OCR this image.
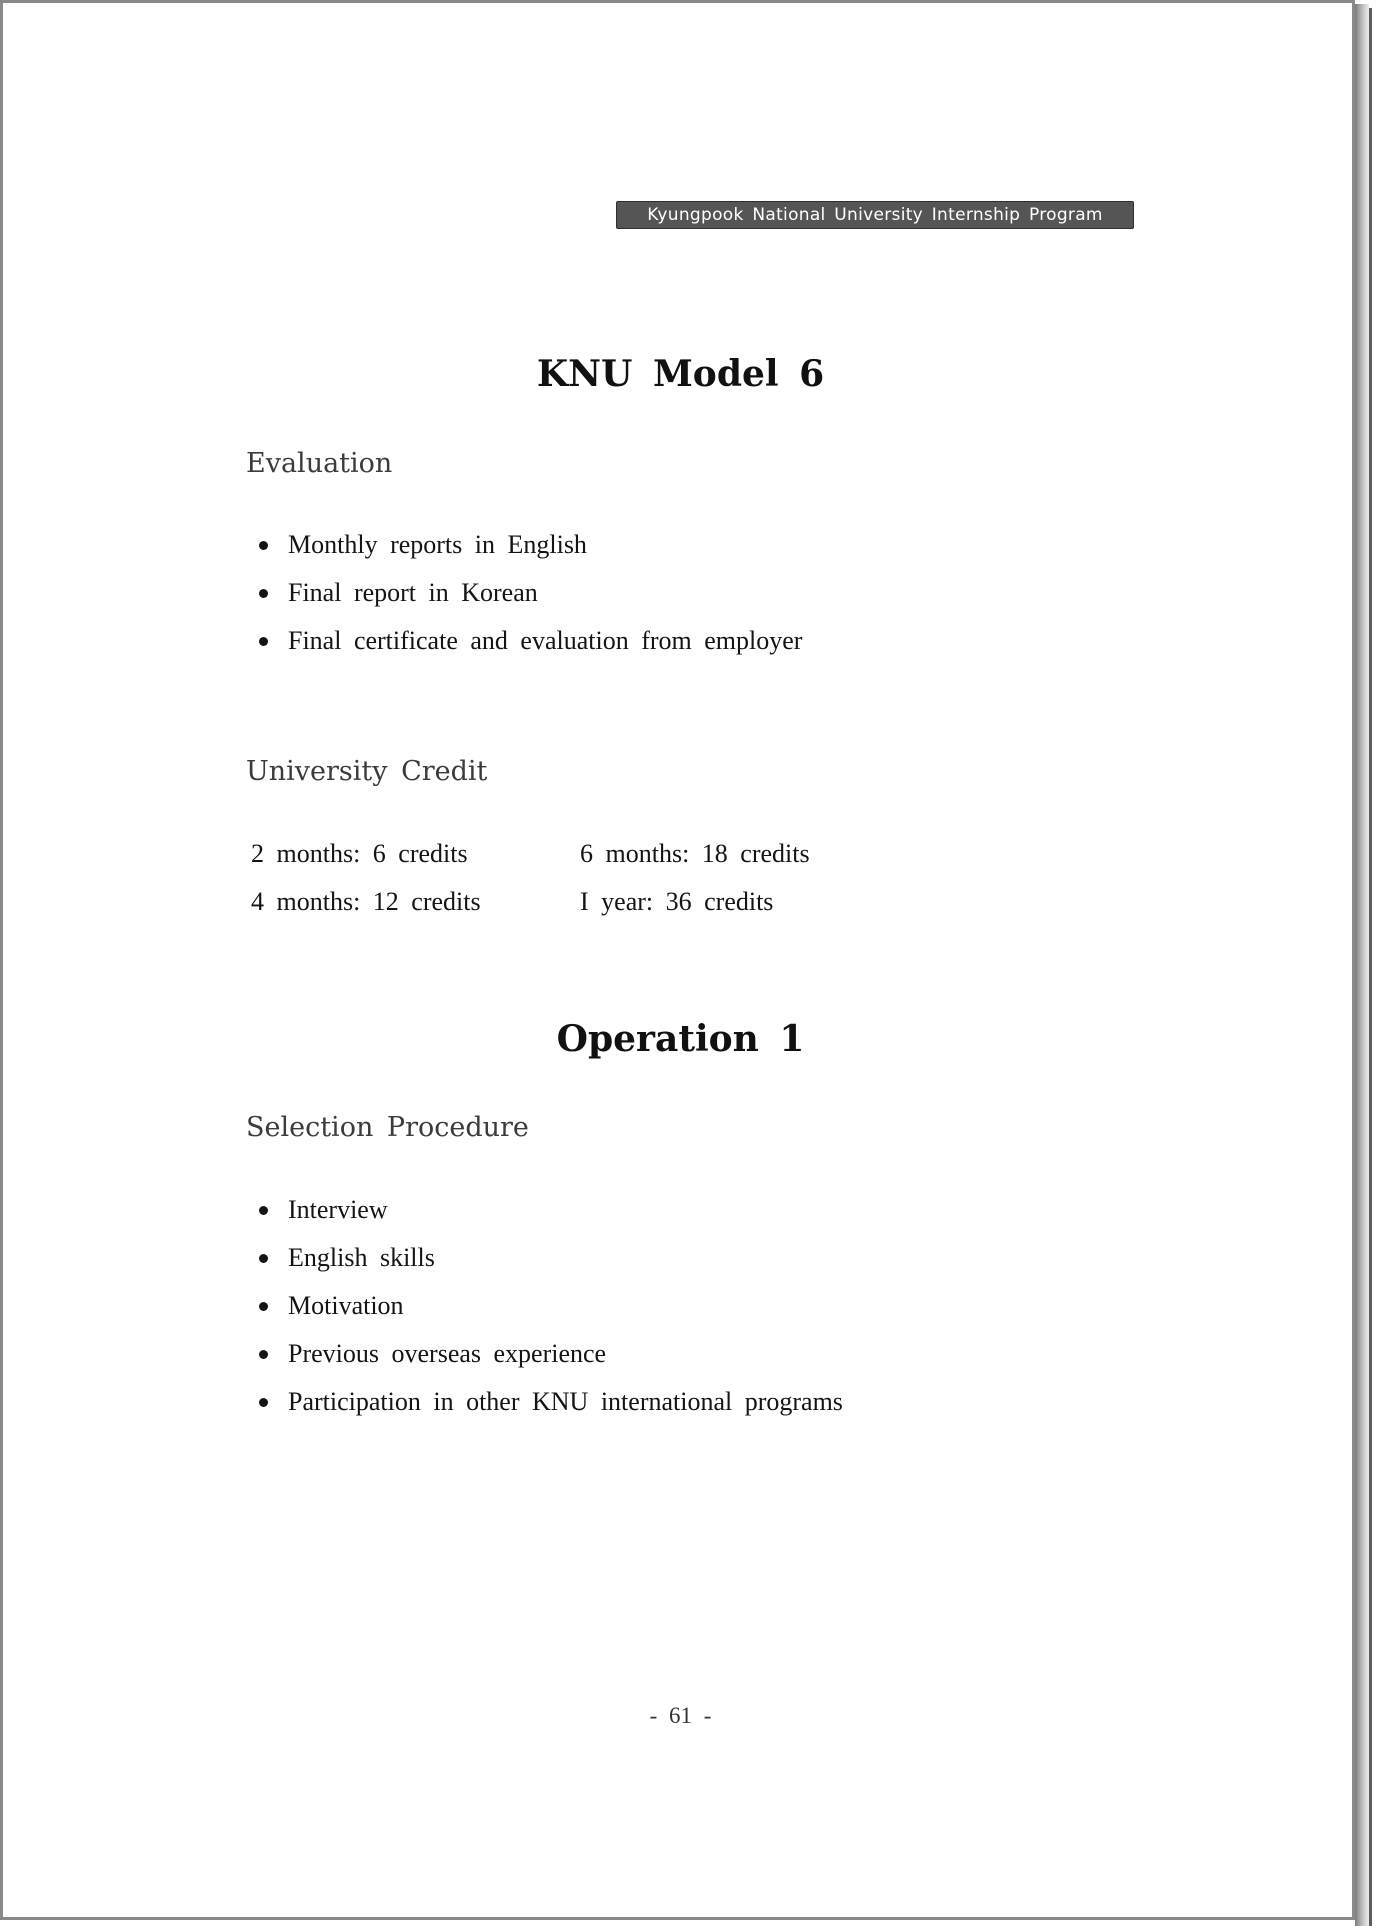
Kyungpook National University Internship Program
KNU Model 6
Evaluation
Monthly reports in English
Final report in Korean
Final certificate and evaluation from employer
University Credit
2 months: 6 credits	6 months: 18 credits
4 months: 12 credits	I year: 36 credits
Operation 1
Selection Procedure
Interview
English skills
Motivation
Previous overseas experience
Participation in other KNU international programs
- 61 -
